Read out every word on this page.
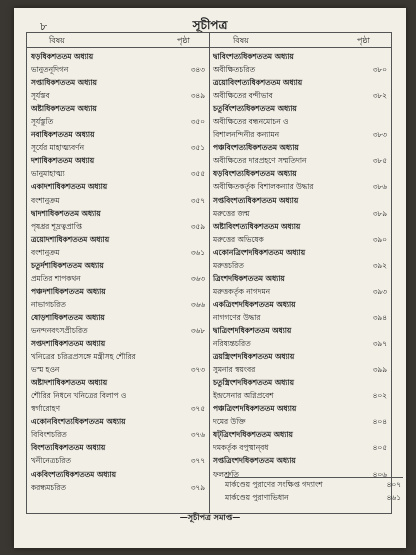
৮	সূচীপত্র
বিষয়	পৃষ্ঠা	বিষয়	পৃষ্ঠা
ষড়ধিকশততম অধ্যায়
ভানুতনূদিগন	৩৪৩
সপ্তাধিকশততম অধ্যায়
সূর্যস্তব	৩৪৯
অষ্টাধিকশততম অধ্যায়
সূর্যস্তুতি	৩৫০
নবাধিকশততম অধ্যায়
সূর্যের মাহাত্ম্যবর্ণন	৩৫১
দশাধিকশততম অধ্যায়
ভানুমাহাত্ম্য	৩৫৫
একাদশাধিকশততম অধ্যায়
বংশানুক্রম	৩৫৭
দ্বাদশাধিকশততম অধ্যায়
পৃষধ্রর শূদ্রত্বপ্রাপ্তি	৩৫৯
ত্রয়োদশাধিকশততম অধ্যায়
বংশানুক্রম	৩৬১
চতুর্দশাধিকশততম অধ্যায়
প্রমতির শাপকথন	৩৬৩
পঞ্চদশাধিকশততম অধ্যায়
নাভাগচরিত	৩৬৬
ষোড়শাধিকশততম অধ্যায়
ভনন্দনবৎসপ্রীচরিত	৩৬৮
সপ্তদশাধিকশততম অধ্যায়
খনিত্রের চরিত্রপ্রসঙ্গে মন্ত্রীসহ শৌরির
ভস্ম হওন	৩৭৩
অষ্টাদশাধিকশততম অধ্যায়
শৌরির নিধনে খনিত্রের বিলাপ ও
স্বর্গারোহণ	৩৭৫
একোনবিংশত্যধিকশততম অধ্যায়
বিবিংশচরিত	৩৭৬
বিংশত্যধিকশততম অধ্যায়
খনীনেত্রচরিত	৩৭৭
একবিংশত্যধিকশততম অধ্যায়
করন্ধমচরিত	৩৭৯
দ্বাবিংশত্যধিকশততম অধ্যায়
অবীক্ষিতচরিত	৩৮০
ত্রয়োবিংশত্যধিকশততম অধ্যায়
অবীক্ষিতের বন্দীভাব	৩৮২
চতুর্বিংশত্যধিকশততম অধ্যায়
অবীক্ষিতের বন্ধনমোচন ও
বিশালনন্দিনীর কন্যামন	৩৮৩
পঞ্চবিংশত্যধিকশততম অধ্যায়
অবীক্ষিতের দারপ্রহণে সম্মতিদান	৩৮৫
ষড়বিংশত্যধিকশততম অধ্যায়
অবীক্ষিতকর্তৃক বিশালকন্যার উদ্ধার	৩৮৬
সপ্তবিংশত্যধিকশততম অধ্যায়
মরুত্তের জন্ম	৩৮৯
অষ্টাবিংশত্যধিকশততম অধ্যায়
মরুত্তের অভিষেক	৩৯০
একোনত্রিংশদধিকশততম অধ্যায়
মরুত্তচরিত	৩৯২
ত্রিংশদধিকশততম অধ্যায়
মরুত্তকর্তৃক নাগদমন	৩৯৩
একত্রিংশদধিকশততম অধ্যায়
নাগগণের উদ্ধার	৩৯৪
দ্বাত্রিংশদধিকশততম অধ্যায়
নরিষ্যন্তচরিত	৩৯৭
ত্রয়স্ত্রিংশদধিকশততম অধ্যায়
সুমনার স্বয়ংবর	৩৯৯
চতুস্ত্রিংশদধিকশততম অধ্যায়
ইন্দ্রসেনার অগ্নিপ্রবেশ	৪০২
পঞ্চত্রিংশদধিকশততম অধ্যায়
দমের উক্তি	৪০৪
ষট্‌ত্রিংশদধিকশততম অধ্যায়
দমকর্তৃক বপুষ্মান্‌বধ	৪০৫
সপ্তত্রিংশদধিকশততম অধ্যায়
ফলশ্রুতি	৪০৬
মার্কণ্ডেয় পুরাণের সংক্ষিপ্ত গদ্যাংশ	৪০৭
মার্কণ্ডেয় পুরাণাভিধান	৪৬১
—সূচীপত্র সমাপ্ত—
